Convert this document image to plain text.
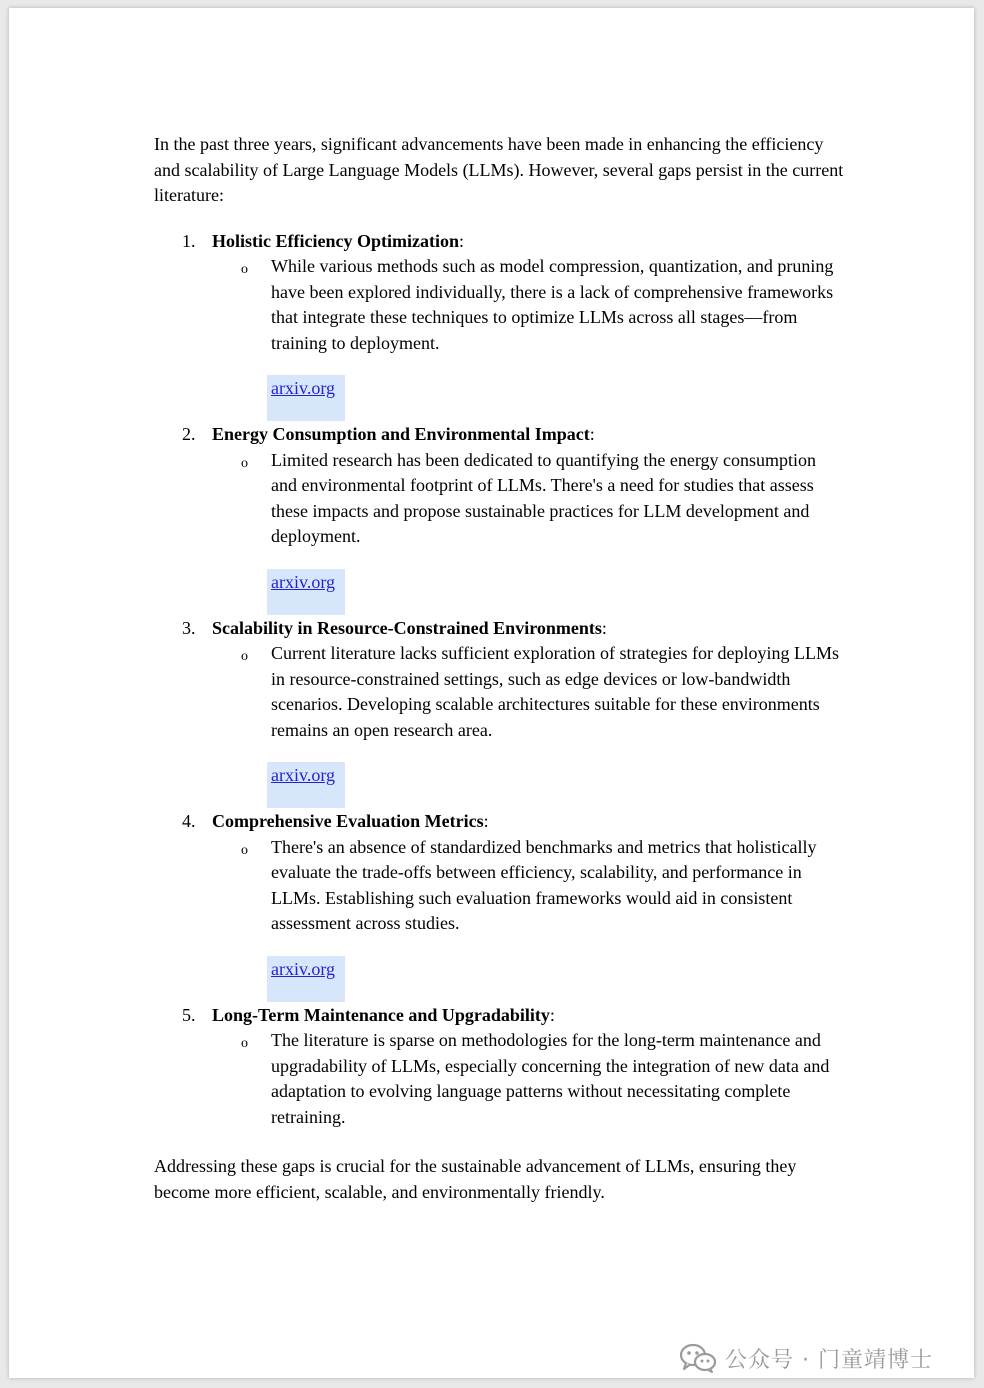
In the past three years, significant advancements have been made in enhancing the efficiency and scalability of Large Language Models (LLMs). However, several gaps persist in the current literature:

1. Holistic Efficiency Optimization:
o While various methods such as model compression, quantization, and pruning have been explored individually, there is a lack of comprehensive frameworks that integrate these techniques to optimize LLMs across all stages—from training to deployment.
arxiv.org
2. Energy Consumption and Environmental Impact:
o Limited research has been dedicated to quantifying the energy consumption and environmental footprint of LLMs. There's a need for studies that assess these impacts and propose sustainable practices for LLM development and deployment.
arxiv.org
3. Scalability in Resource-Constrained Environments:
o Current literature lacks sufficient exploration of strategies for deploying LLMs in resource-constrained settings, such as edge devices or low-bandwidth scenarios. Developing scalable architectures suitable for these environments remains an open research area.
arxiv.org
4. Comprehensive Evaluation Metrics:
o There's an absence of standardized benchmarks and metrics that holistically evaluate the trade-offs between efficiency, scalability, and performance in LLMs. Establishing such evaluation frameworks would aid in consistent assessment across studies.
arxiv.org
5. Long-Term Maintenance and Upgradability:
o The literature is sparse on methodologies for the long-term maintenance and upgradability of LLMs, especially concerning the integration of new data and adaptation to evolving language patterns without necessitating complete retraining.

Addressing these gaps is crucial for the sustainable advancement of LLMs, ensuring they become more efficient, scalable, and environmentally friendly.

公众号 · 门童靖博士
